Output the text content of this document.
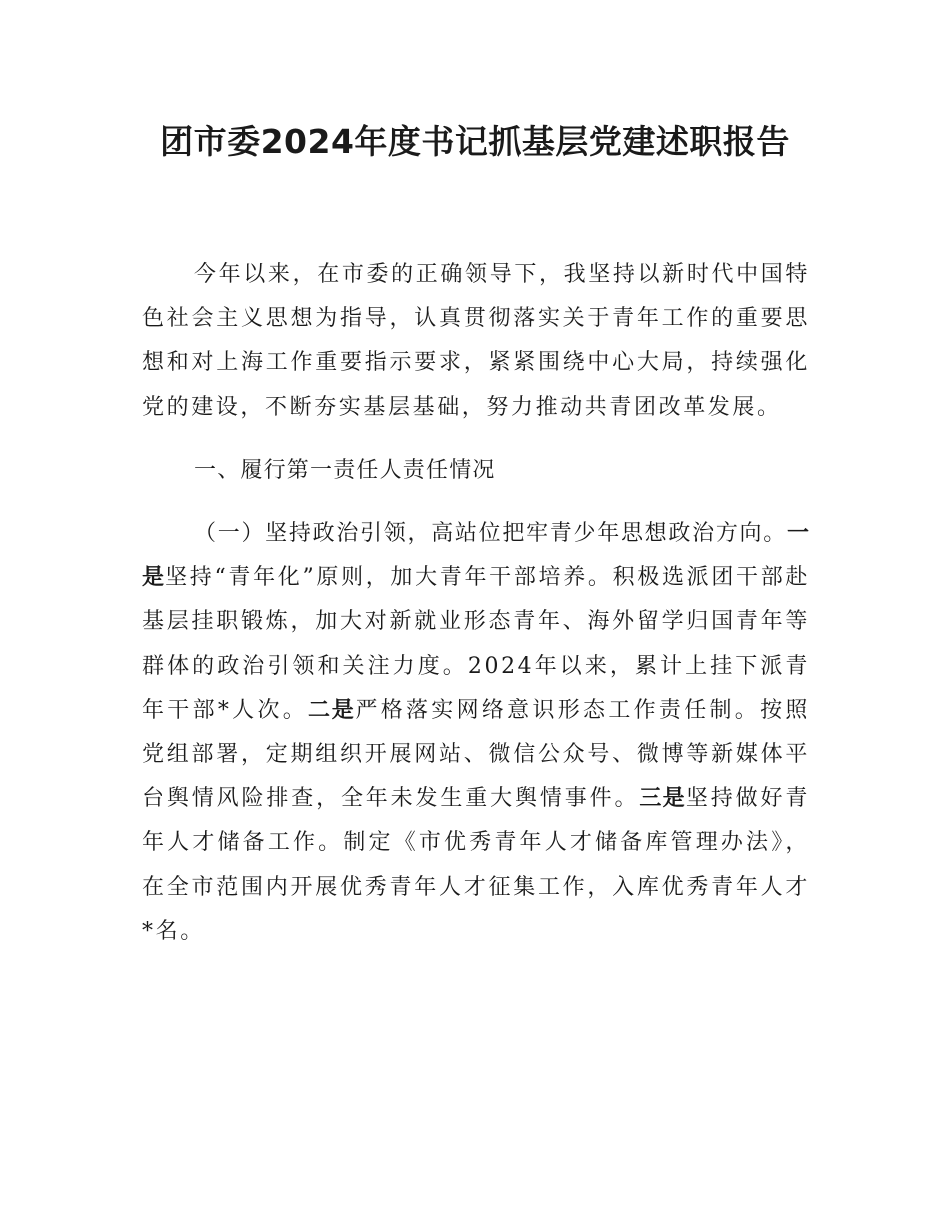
团市委2024年度书记抓基层党建述职报告

今年以来，在市委的正确领导下，我坚持以新时代中国特色社会主义思想为指导，认真贯彻落实关于青年工作的重要思想和对上海工作重要指示要求，紧紧围绕中心大局，持续强化党的建设，不断夯实基层基础，努力推动共青团改革发展。

一、履行第一责任人责任情况

（一）坚持政治引领，高站位把牢青少年思想政治方向。一是坚持“青年化”原则，加大青年干部培养。积极选派团干部赴基层挂职锻炼，加大对新就业形态青年、海外留学归国青年等群体的政治引领和关注力度。2024年以来，累计上挂下派青年干部*人次。二是严格落实网络意识形态工作责任制。按照党组部署，定期组织开展网站、微信公众号、微博等新媒体平台舆情风险排查，全年未发生重大舆情事件。三是坚持做好青年人才储备工作。制定《市优秀青年人才储备库管理办法》，在全市范围内开展优秀青年人才征集工作，入库优秀青年人才*名。
